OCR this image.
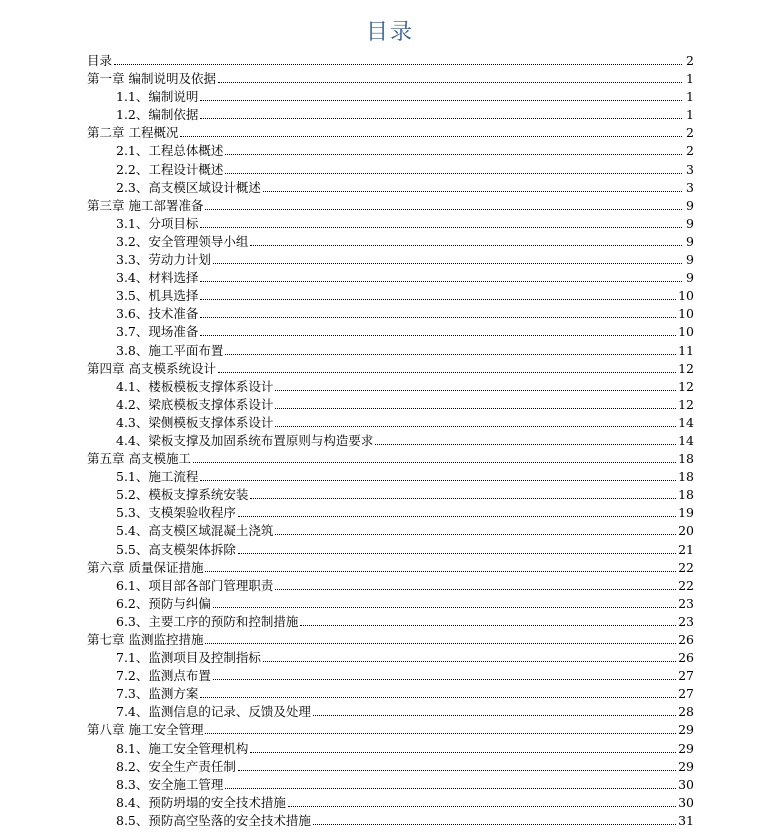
目录
目录	2
第一章 编制说明及依据	1
1.1、编制说明	1
1.2、编制依据	1
第二章 工程概况	2
2.1、工程总体概述	2
2.2、工程设计概述	3
2.3、高支模区域设计概述	3
第三章 施工部署准备	9
3.1、分项目标	9
3.2、安全管理领导小组	9
3.3、劳动力计划	9
3.4、材料选择	9
3.5、机具选择	10
3.6、技术准备	10
3.7、现场准备	10
3.8、施工平面布置	11
第四章 高支模系统设计	12
4.1、楼板模板支撑体系设计	12
4.2、梁底模板支撑体系设计	12
4.3、梁侧模板支撑体系设计	14
4.4、梁板支撑及加固系统布置原则与构造要求	14
第五章 高支模施工	18
5.1、施工流程	18
5.2、模板支撑系统安装	18
5.3、支模架验收程序	19
5.4、高支模区域混凝土浇筑	20
5.5、高支模架体拆除	21
第六章 质量保证措施	22
6.1、项目部各部门管理职责	22
6.2、预防与纠偏	23
6.3、主要工序的预防和控制措施	23
第七章 监测监控措施	26
7.1、监测项目及控制指标	26
7.2、监测点布置	27
7.3、监测方案	27
7.4、监测信息的记录、反馈及处理	28
第八章 施工安全管理	29
8.1、施工安全管理机构	29
8.2、安全生产责任制	29
8.3、安全施工管理	30
8.4、预防坍塌的安全技术措施	30
8.5、预防高空坠落的安全技术措施	31
